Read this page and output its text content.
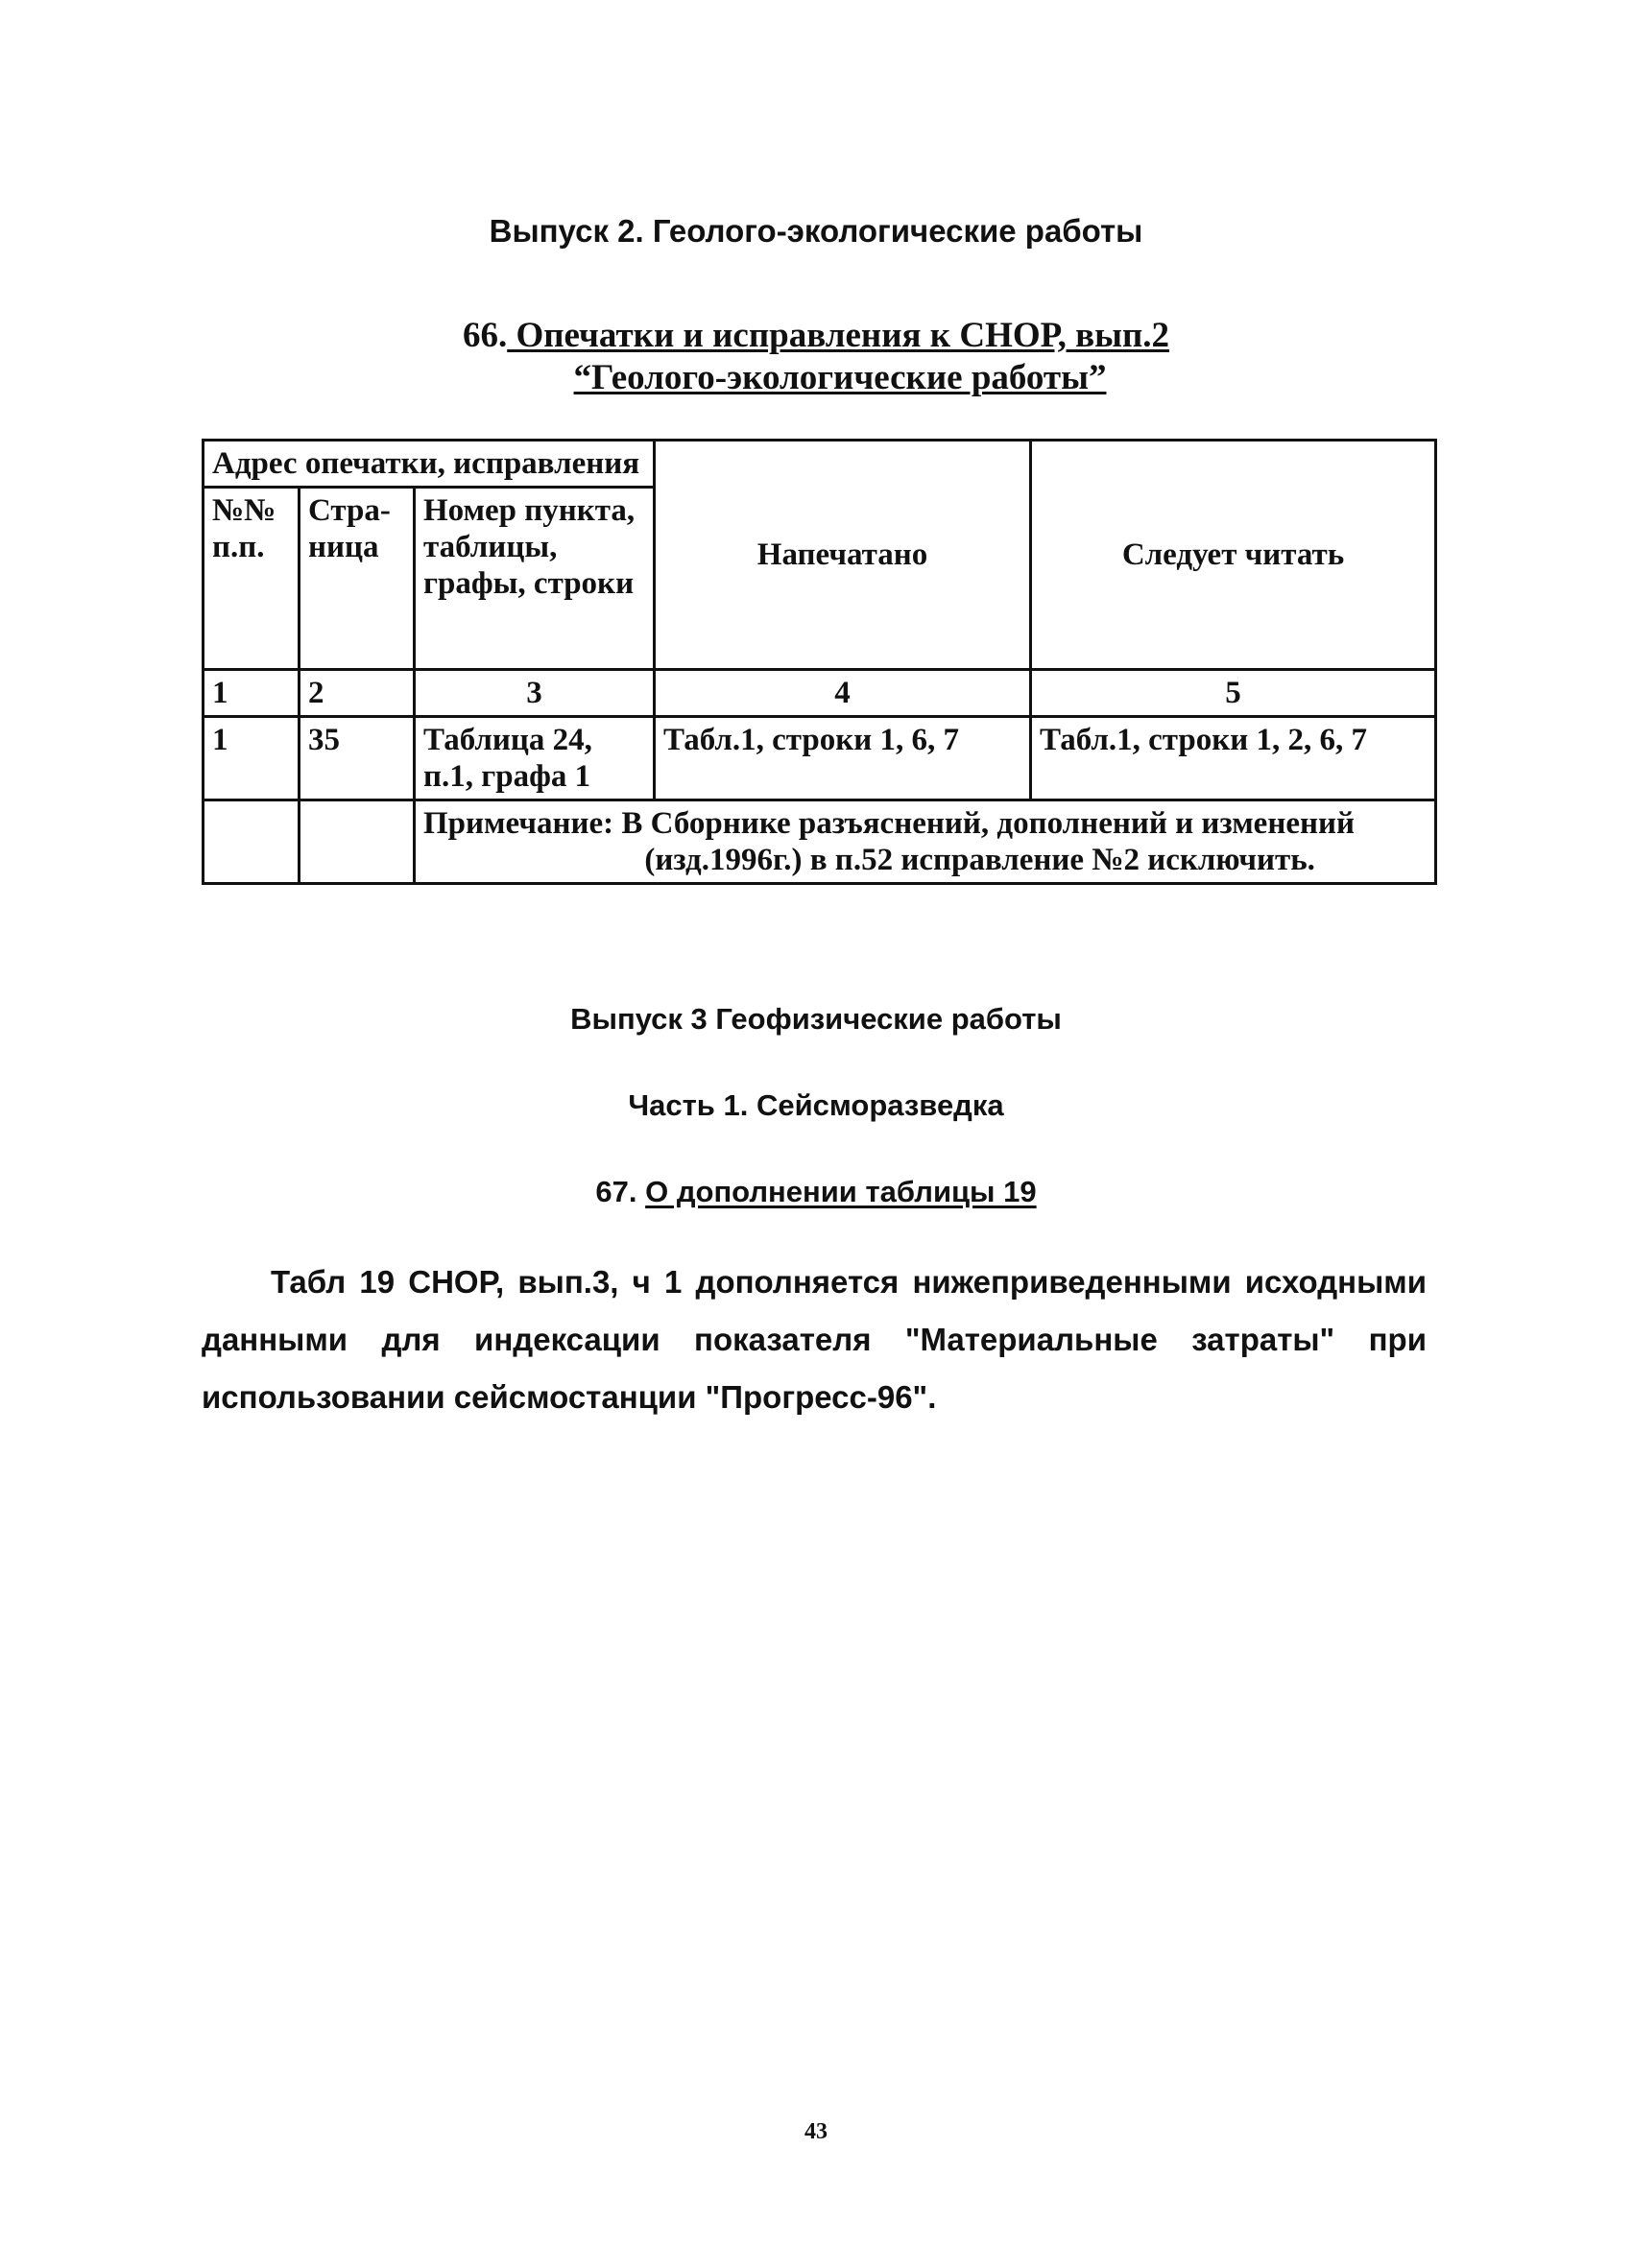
Выпуск 2. Геолого-экологические работы
66. Опечатки и исправления к СНОР, вып.2
“Геолого-экологические работы”
Адрес опечатки, исправления			Напечатано	Следует читать
№№ п.п.	Стра-ница	Номер пункта, таблицы, графы, строки		
1	2	3	4	5
1	35	Таблица 24, п.1, графа 1	Табл.1, строки 1, 6, 7	Табл.1, строки 1, 2, 6, 7
		Примечание: В Сборнике разъяснений, дополнений и изменений
(изд.1996г.) в п.52 исправление №2 исключить.		
Выпуск 3 Геофизические работы
Часть 1. Сейсморазведка
67. О дополнении таблицы 19
Табл 19 СНОР, вып.3, ч 1 дополняется нижеприведенными исходными
данными для индексации показателя "Материальные затраты" при
использовании сейсмостанции "Прогресс-96".
43
